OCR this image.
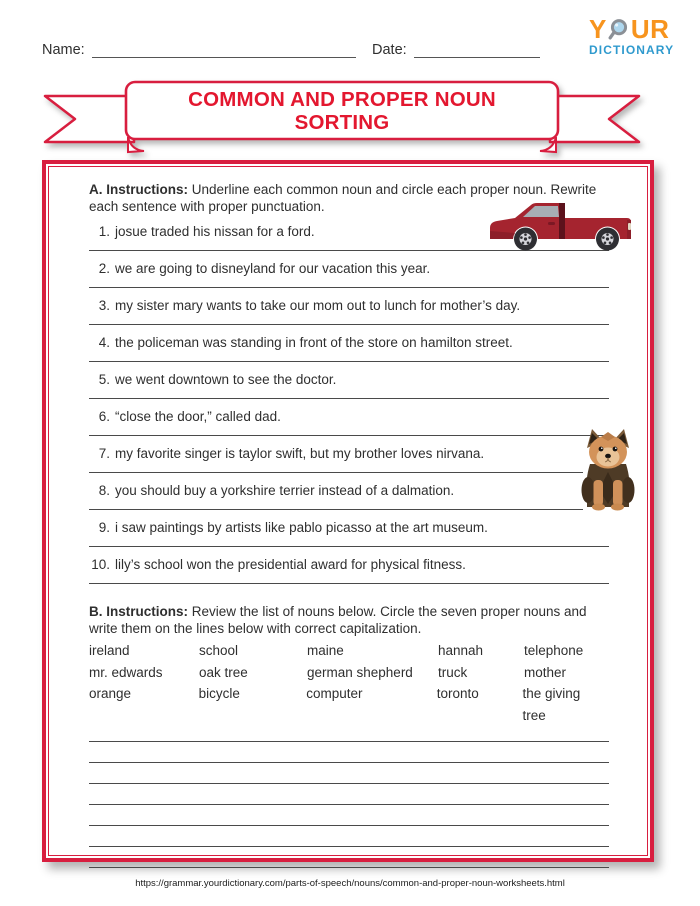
Name:	Date:
Y UR
DICTIONARY
COMMON AND PROPER NOUN
SORTING

A. Instructions: Underline each common noun and circle each proper noun. Rewrite each sentence with proper punctuation.

1. josue traded his nissan for a ford.
2. we are going to disneyland for our vacation this year.
3. my sister mary wants to take our mom out to lunch for mother’s day.
4. the policeman was standing in front of the store on hamilton street.
5. we went downtown to see the doctor.
6. “close the door,” called dad.
7. my favorite singer is taylor swift, but my brother loves nirvana.
8. you should buy a yorkshire terrier instead of a dalmation.
9. i saw paintings by artists like pablo picasso at the art museum.
10. lily’s school won the presidential award for physical fitness.

B. Instructions: Review the list of nouns below. Circle the seven proper nouns and write them on the lines below with correct capitalization.

ireland	school	maine	hannah	telephone
mr. edwards	oak tree	german shepherd	truck	mother
orange	bicycle	computer	toronto	the giving tree
https://grammar.yourdictionary.com/parts-of-speech/nouns/common-and-proper-noun-worksheets.html
